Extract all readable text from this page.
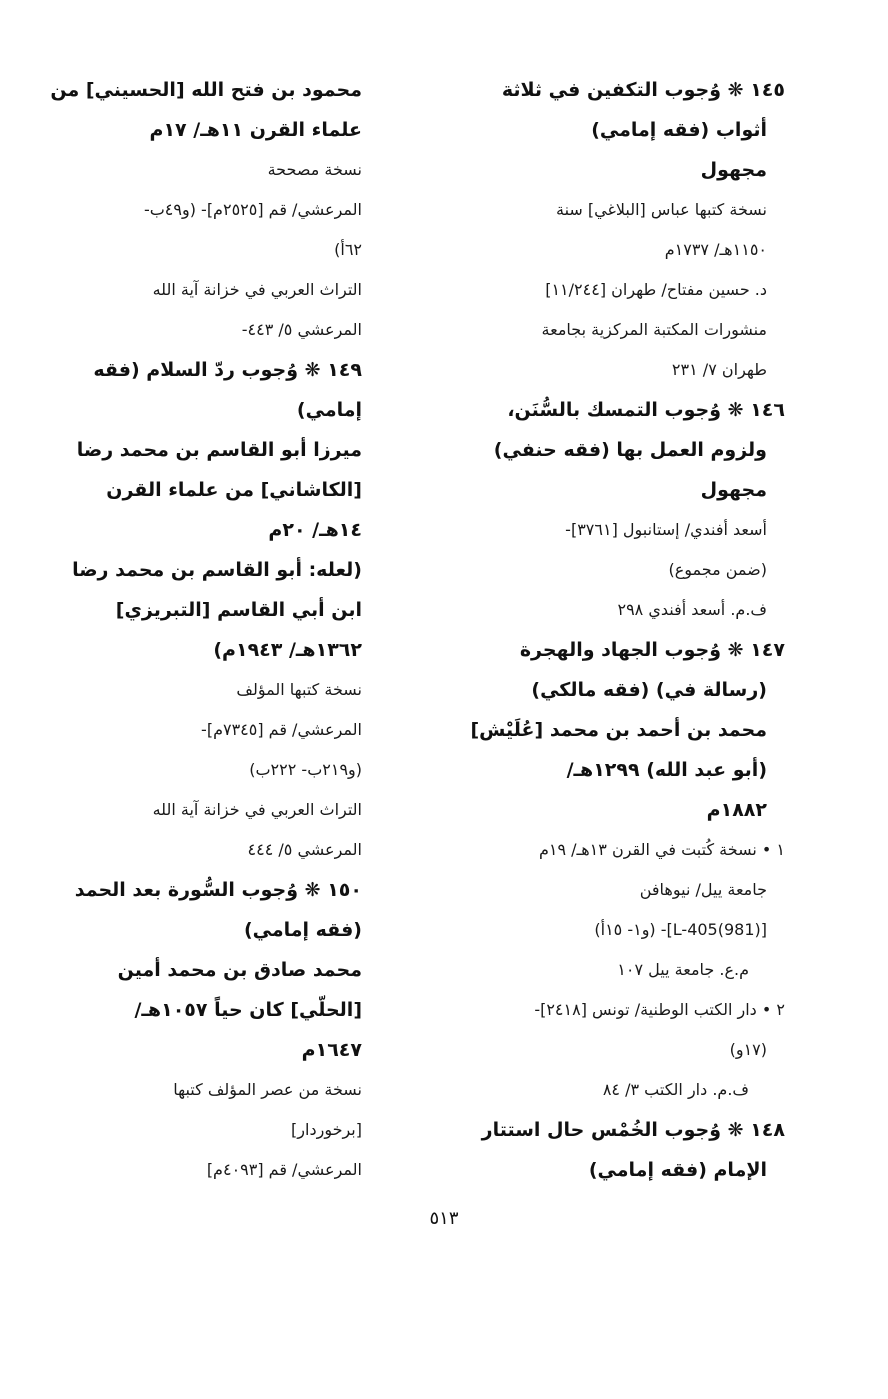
١٤٥ ❋ وُجوب التكفين في ثلاثة
أثواب (فقه إمامي)
مجهول
نسخة كتبها عباس [البلاغي] سنة
١١٥٠هـ/ ١٧٣٧م
د. حسين مفتاح/ طهران [١١/٢٤٤]
منشورات المكتبة المركزية بجامعة
طهران ٧/ ٢٣١
١٤٦ ❋ وُجوب التمسك بالسُّنَن،
ولزوم العمل بها (فقه حنفي)
مجهول
أسعد أفندي/ إستانبول [٣٧٦١]-
(ضمن مجموع)
ف.م. أسعد أفندي ٢٩٨
١٤٧ ❋ وُجوب الجهاد والهجرة
(رسالة في) (فقه مالكي)
محمد بن أحمد بن محمد [عُلَيْش]
(أبو عبد الله) ١٢٩٩هـ/
١٨٨٢م
١ • نسخة كُتبت في القرن ١٣هـ/ ١٩م
جامعة ييل/ نيوهافن
[L-405(981)]- (و١- ١٥أ)
م.ع. جامعة ييل ١٠٧
٢ • دار الكتب الوطنية/ تونس [٢٤١٨]-
(١٧و)
ف.م. دار الكتب ٣/ ٨٤
١٤٨ ❋ وُجوب الخُمْس حال استتار
الإمام (فقه إمامي)
محمود بن فتح الله [الحسيني] من
علماء القرن ١١هـ/ ١٧م
نسخة مصححة
المرعشي/ قم [٢٥٢٥م]- (و٤٩ب-
٦٢أ)
التراث العربي في خزانة آية الله
المرعشي ٥/ ٤٤٣-
١٤٩ ❋ وُجوب ردّ السلام (فقه
إمامي)
ميرزا أبو القاسم بن محمد رضا
[الكاشاني] من علماء القرن
١٤هـ/ ٢٠م
(لعله: أبو القاسم بن محمد رضا
ابن أبي القاسم [التبريزي]
١٣٦٢هـ/ ١٩٤٣م)
نسخة كتبها المؤلف
المرعشي/ قم [٧٣٤٥م]-
(و٢١٩ب- ٢٢٢ب)
التراث العربي في خزانة آية الله
المرعشي ٥/ ٤٤٤
١٥٠ ❋ وُجوب السُّورة بعد الحمد
(فقه إمامي)
محمد صادق بن محمد أمين
[الحلّي] كان حياً ١٠٥٧هـ/
١٦٤٧م
نسخة من عصر المؤلف كتبها
[برخوردار]
المرعشي/ قم [٤٠٩٣م]
٥١٣
